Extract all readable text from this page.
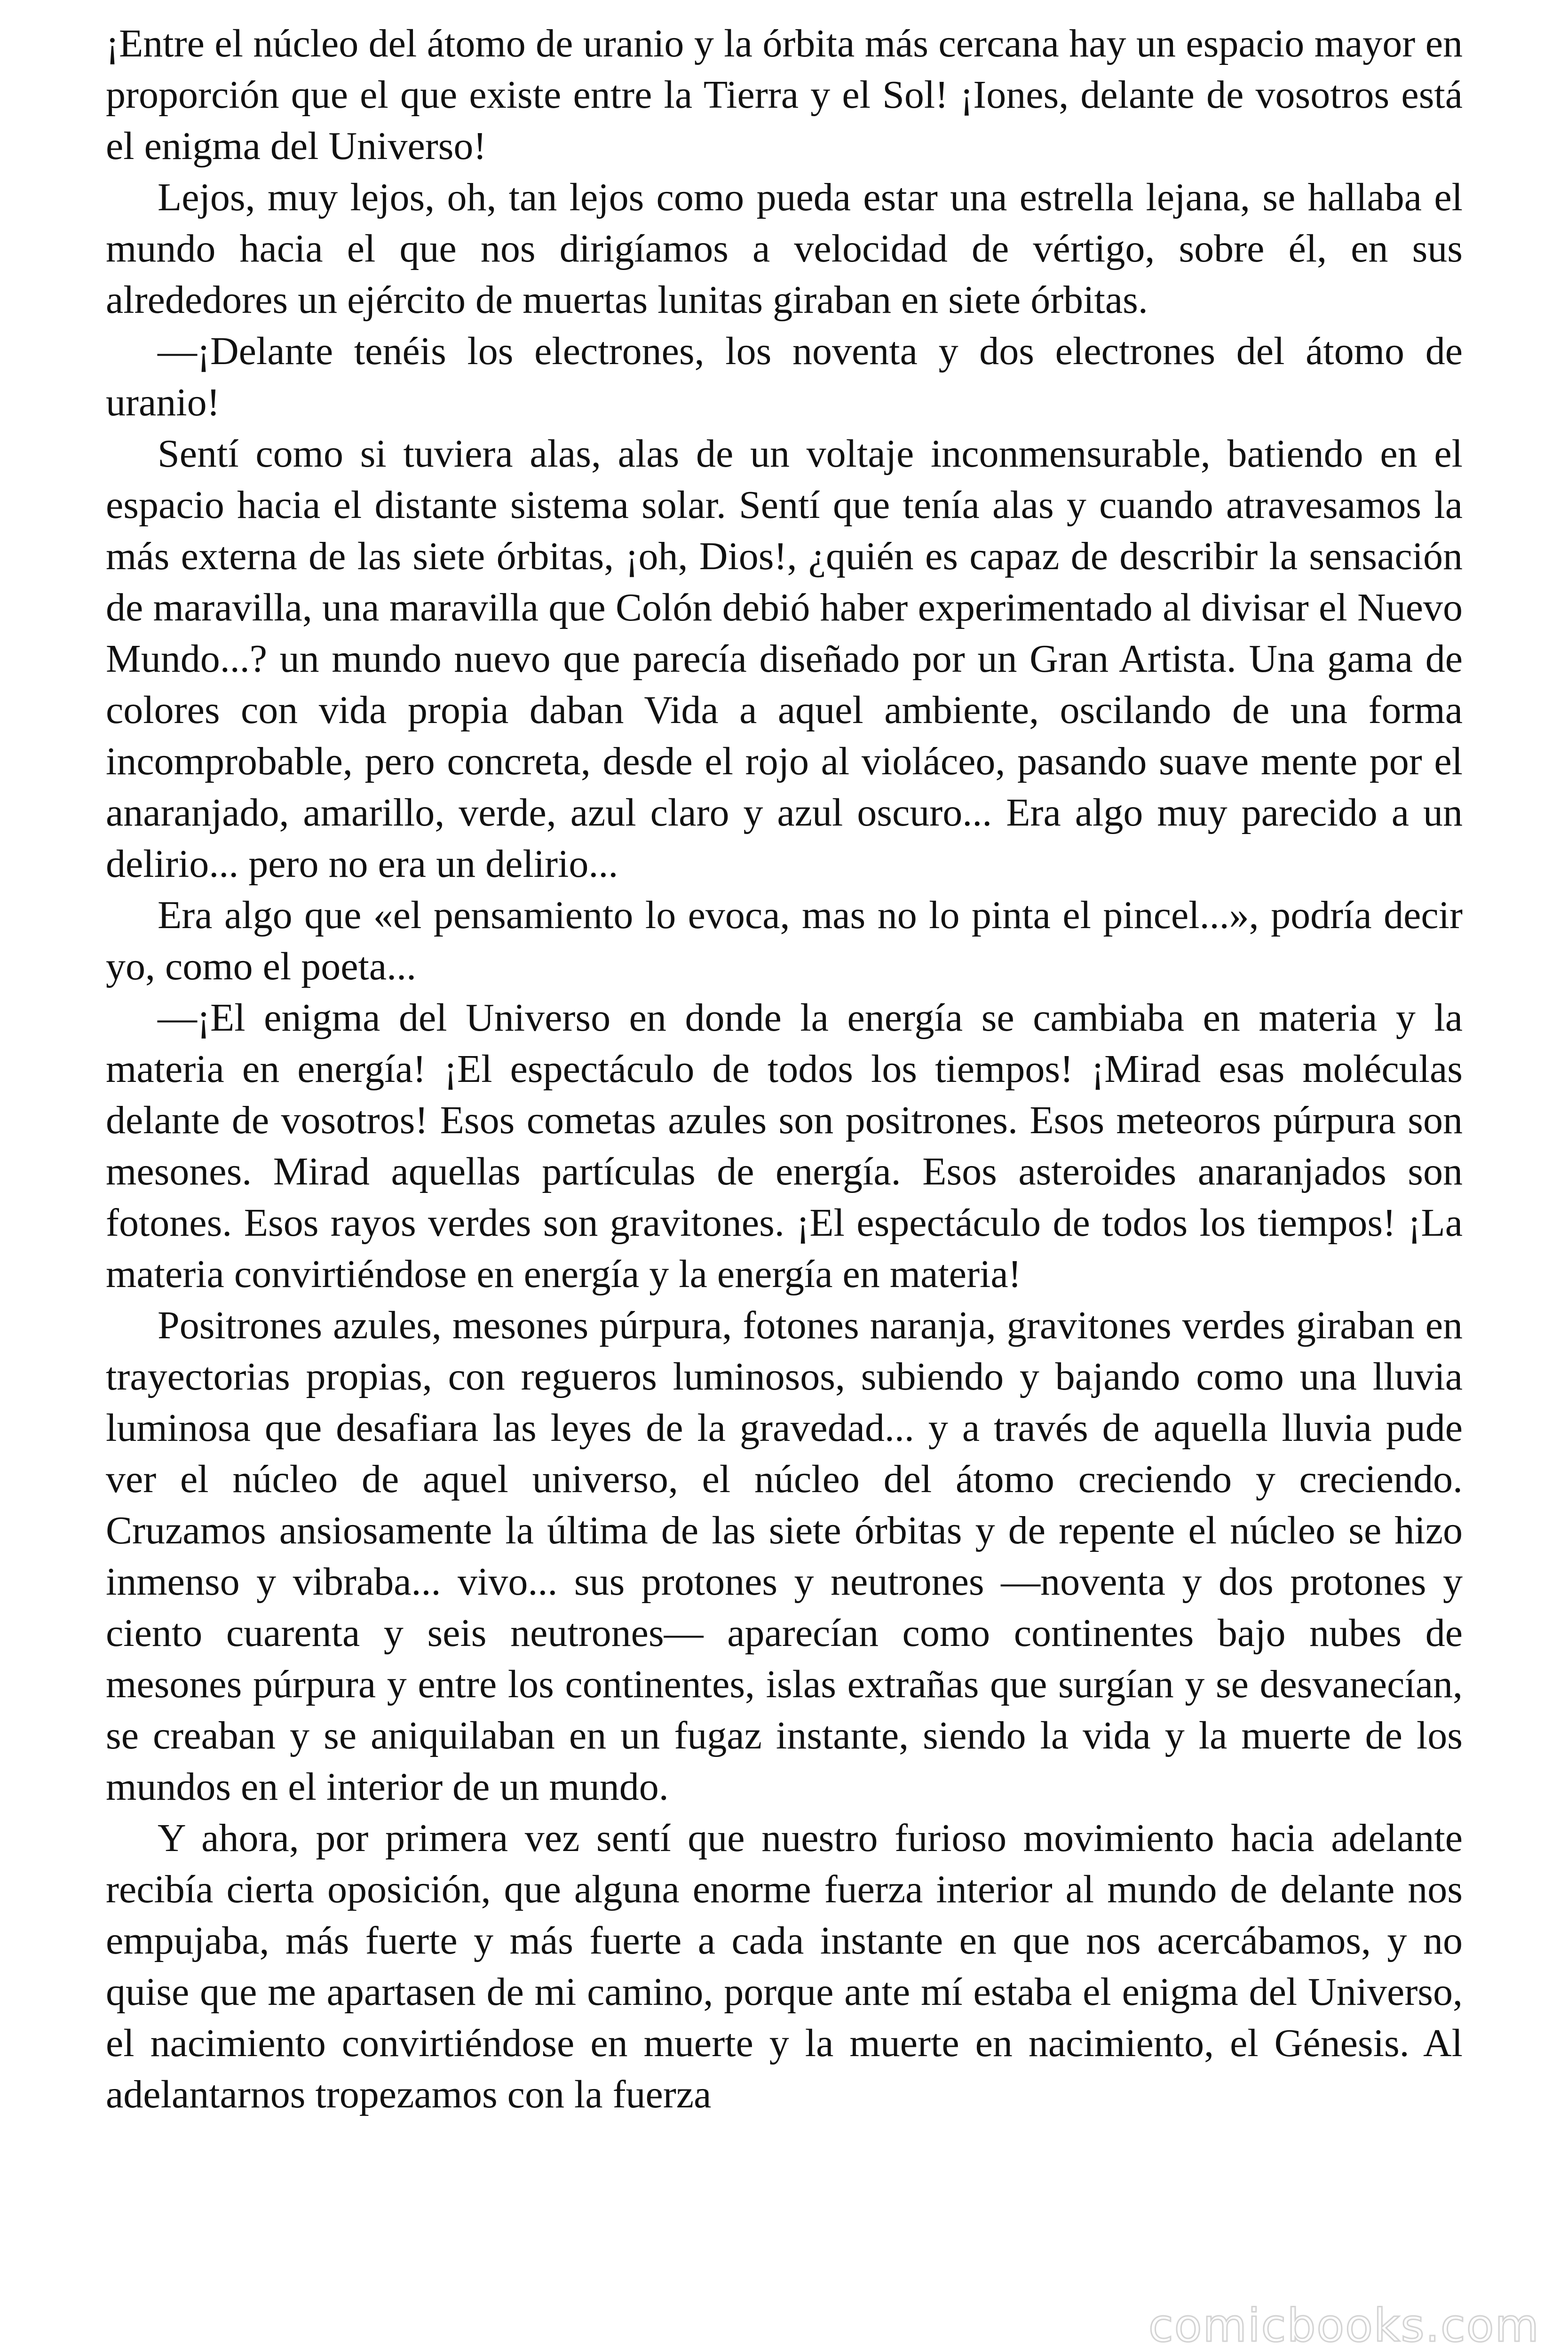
¡Entre el núcleo del átomo de uranio y la órbita más cercana hay un espacio mayor en proporción que el que existe entre la Tierra y el Sol! ¡Iones, delante de vosotros está el enigma del Universo!

Lejos, muy lejos, oh, tan lejos como pueda estar una estrella lejana, se hallaba el mundo hacia el que nos dirigíamos a velocidad de vértigo, sobre él, en sus alrededores un ejército de muertas lunitas giraban en siete órbitas.

—¡Delante tenéis los electrones, los noventa y dos electrones del átomo de uranio!

Sentí como si tuviera alas, alas de un voltaje inconmensurable, batiendo en el espacio hacia el distante sistema solar. Sentí que tenía alas y cuando atravesamos la más externa de las siete órbitas, ¡oh, Dios!, ¿quién es capaz de describir la sensación de maravilla, una maravilla que Colón debió haber experimentado al divisar el Nuevo Mundo...? un mundo nuevo que parecía diseñado por un Gran Artista. Una gama de colores con vida propia daban Vida a aquel ambiente, oscilando de una forma incomprobable, pero concreta, desde el rojo al violáceo, pasando suave mente por el anaranjado, amarillo, verde, azul claro y azul oscuro... Era algo muy parecido a un delirio... pero no era un delirio...

Era algo que «el pensamiento lo evoca, mas no lo pinta el pincel...», podría decir yo, como el poeta...

—¡El enigma del Universo en donde la energía se cambiaba en materia y la materia en energía! ¡El espectáculo de todos los tiempos! ¡Mirad esas moléculas delante de vosotros! Esos cometas azules son positrones. Esos meteoros púrpura son mesones. Mirad aquellas partículas de energía. Esos asteroides anaranjados son fotones. Esos rayos verdes son gravitones. ¡El espectáculo de todos los tiempos! ¡La materia convirtiéndose en energía y la energía en materia!

Positrones azules, mesones púrpura, fotones naranja, gravitones verdes giraban en trayectorias propias, con regueros luminosos, subiendo y bajando como una lluvia luminosa que desafiara las leyes de la gravedad... y a través de aquella lluvia pude ver el núcleo de aquel universo, el núcleo del átomo creciendo y creciendo. Cruzamos ansiosamente la última de las siete órbitas y de repente el núcleo se hizo inmenso y vibraba... vivo... sus protones y neutrones —noventa y dos protones y ciento cuarenta y seis neutrones— aparecían como continentes bajo nubes de mesones púrpura y entre los continentes, islas extrañas que surgían y se desvanecían, se creaban y se aniquilaban en un fugaz instante, siendo la vida y la muerte de los mundos en el interior de un mundo.

Y ahora, por primera vez sentí que nuestro furioso movimiento hacia adelante recibía cierta oposición, que alguna enorme fuerza interior al mundo de delante nos empujaba, más fuerte y más fuerte a cada instante en que nos acercábamos, y no quise que me apartasen de mi camino, porque ante mí estaba el enigma del Universo, el nacimiento convirtiéndose en muerte y la muerte en nacimiento, el Génesis. Al adelantarnos tropezamos con la fuerza

comicbooks.com
